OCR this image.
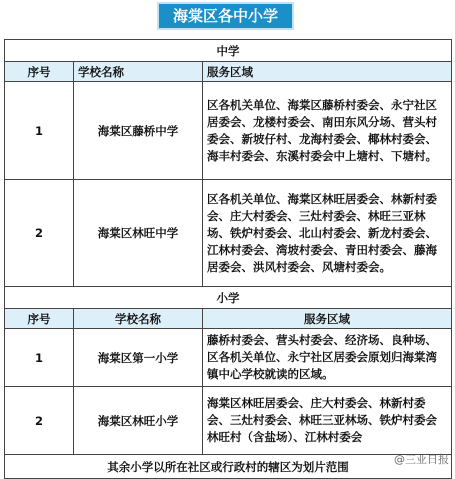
海棠区各中小学
中学		
序号	学校名称	服务区域
1	海棠区藤桥中学	区各机关单位、海棠区藤桥村委会、永宁社区居委会、龙楼村委会、南田东风分场、营头村委会、新坡仔村、龙海村委会、椰林村委会、海丰村委会、东溪村委会中上塘村、下塘村。
2	海棠区林旺中学	区各机关单位、海棠区林旺居委会、林新村委会、庄大村委会、三灶村委会、林旺三亚林场、铁炉村委会、北山村委会、新龙村委会、江林村委会、湾坡村委会、青田村委会、藤海居委会、洪风村委会、风塘村委会。
小学		
序号	学校名称	服务区域
1	海棠区第一小学	藤桥村委会、营头村委会、经济场、良种场、区各机关单位、永宁社区居委会原划归海棠湾镇中心学校就读的区域。
2	海棠区林旺小学	海棠区林旺居委会、庄大村委会、林新村委会、三灶村委会、林旺三亚林场、铁炉村委会林旺村（含盐场）、江林村委会
其余小学以所在社区或行政村的辖区为划片范围			@三亚日报
